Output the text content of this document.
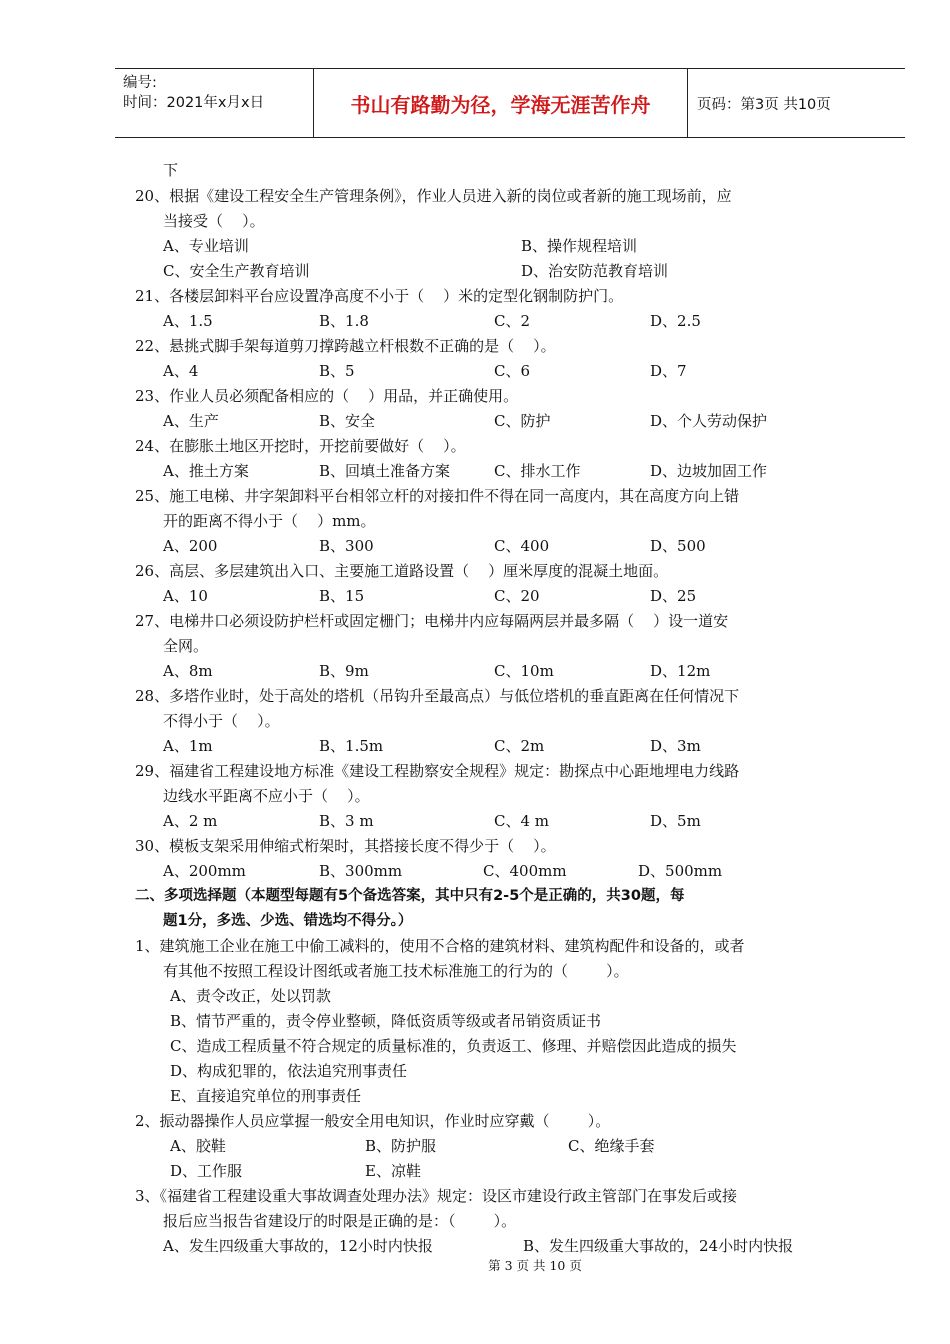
编号:
时间：2021年x月x日	书山有路勤为径，学海无涯苦作舟	页码：第3页 共10页
下
20、根据《建设工程安全生产管理条例》，作业人员进入新的岗位或者新的施工现场前，应
当接受（    ）。
A、专业培训	B、操作规程培训
C、安全生产教育培训	D、治安防范教育培训
21、各楼层卸料平台应设置净高度不小于（    ）米的定型化钢制防护门。
A、1.5	B、1.8	C、2	D、2.5
22、悬挑式脚手架每道剪刀撑跨越立杆根数不正确的是（    ）。
A、4	B、5	C、6	D、7
23、作业人员必须配备相应的（    ）用品，并正确使用。
A、生产	B、安全	C、防护	D、个人劳动保护
24、在膨胀土地区开挖时，开挖前要做好（    ）。
A、推土方案	B、回填土准备方案	C、排水工作	D、边坡加固工作
25、施工电梯、井字架卸料平台相邻立杆的对接扣件不得在同一高度内，其在高度方向上错
开的距离不得小于（    ）mm。
A、200	B、300	C、400	D、500
26、高层、多层建筑出入口、主要施工道路设置（    ）厘米厚度的混凝土地面。
A、10	B、15	C、20	D、25
27、电梯井口必须设防护栏杆或固定栅门；电梯井内应每隔两层并最多隔（    ）设一道安
全网。
A、8m	B、9m	C、10m	D、12m
28、多塔作业时，处于高处的塔机（吊钩升至最高点）与低位塔机的垂直距离在任何情况下
不得小于（    ）。
A、1m	B、1.5m	C、2m	D、3m
29、福建省工程建设地方标准《建设工程勘察安全规程》规定：勘探点中心距地埋电力线路
边线水平距离不应小于（    ）。
A、2 m	B、3 m	C、4 m	D、5m
30、模板支架采用伸缩式桁架时，其搭接长度不得少于（    ）。
A、200mm	B、300mm	C、400mm	D、500mm
二、多项选择题（本题型每题有5个备选答案，其中只有2-5个是正确的，共30题，每
题1分，多选、少选、错选均不得分。）
1、建筑施工企业在施工中偷工减料的，使用不合格的建筑材料、建筑构配件和设备的，或者
有其他不按照工程设计图纸或者施工技术标准施工的行为的（        ）。
A、责令改正，处以罚款
B、情节严重的，责令停业整顿，降低资质等级或者吊销资质证书
C、造成工程质量不符合规定的质量标准的，负责返工、修理、并赔偿因此造成的损失
D、构成犯罪的，依法追究刑事责任
E、直接追究单位的刑事责任
2、振动器操作人员应掌握一般安全用电知识，作业时应穿戴（        ）。
A、胶鞋	B、防护服	C、绝缘手套
D、工作服	E、凉鞋
3、《福建省工程建设重大事故调查处理办法》规定：设区市建设行政主管部门在事发后或接
报后应当报告省建设厅的时限是正确的是：（        ）。
A、发生四级重大事故的，12小时内快报	B、发生四级重大事故的，24小时内快报
第 3 页 共 10 页
